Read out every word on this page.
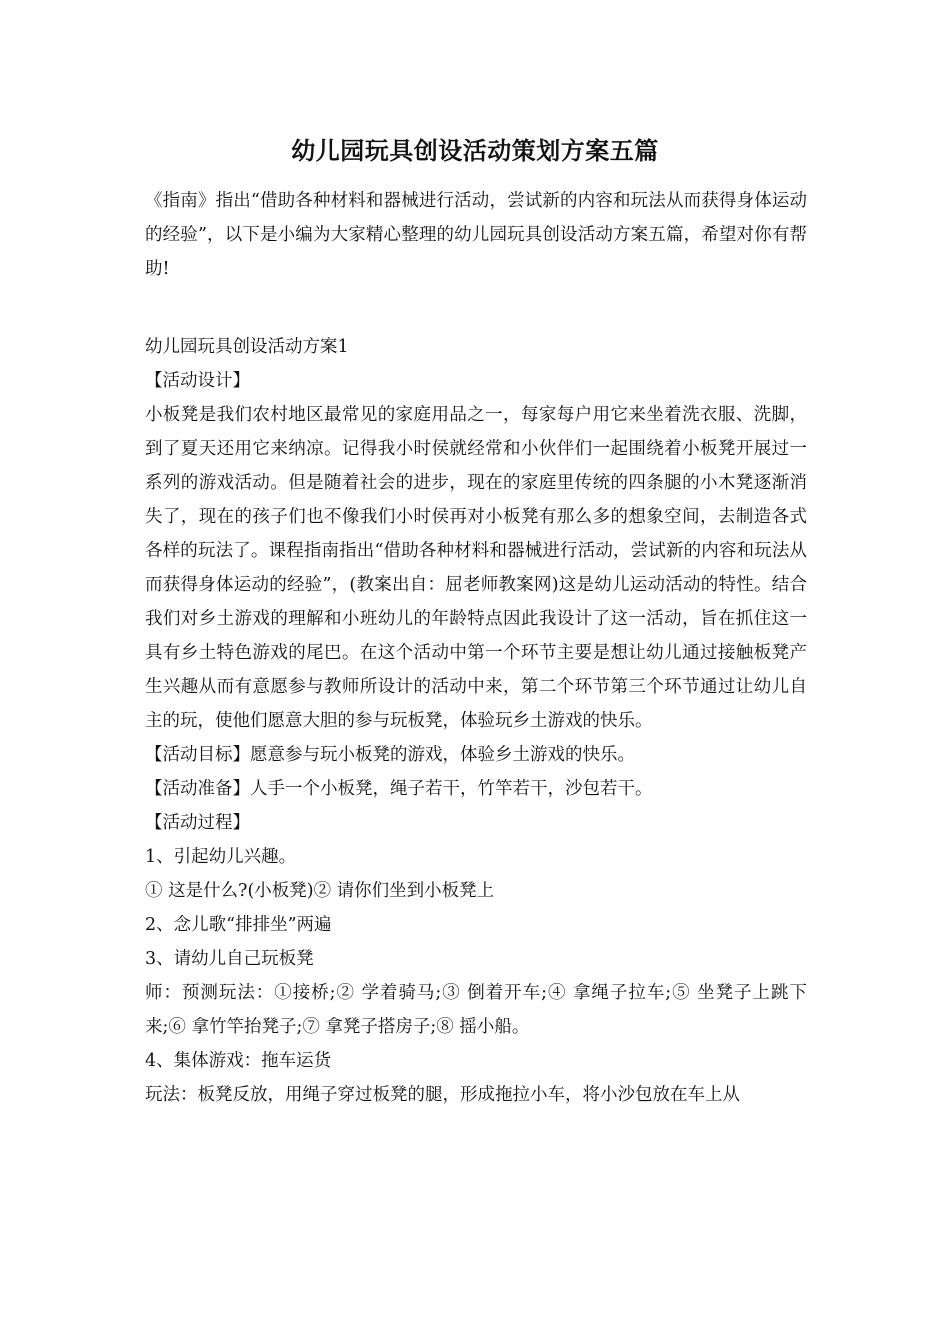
幼儿园玩具创设活动策划方案五篇

《指南》指出“借助各种材料和器械进行活动，尝试新的内容和玩法从而获得身体运动的经验”，以下是小编为大家精心整理的幼儿园玩具创设活动方案五篇，希望对你有帮助!

幼儿园玩具创设活动方案1

【活动设计】

小板凳是我们农村地区最常见的家庭用品之一，每家每户用它来坐着洗衣服、洗脚，到了夏天还用它来纳凉。记得我小时侯就经常和小伙伴们一起围绕着小板凳开展过一系列的游戏活动。但是随着社会的进步，现在的家庭里传统的四条腿的小木凳逐渐消失了，现在的孩子们也不像我们小时侯再对小板凳有那么多的想象空间，去制造各式各样的玩法了。课程指南指出“借助各种材料和器械进行活动，尝试新的内容和玩法从而获得身体运动的经验”，(教案出自：屈老师教案网)这是幼儿运动活动的特性。结合我们对乡土游戏的理解和小班幼儿的年龄特点因此我设计了这一活动，旨在抓住这一具有乡土特色游戏的尾巴。在这个活动中第一个环节主要是想让幼儿通过接触板凳产生兴趣从而有意愿参与教师所设计的活动中来，第二个环节第三个环节通过让幼儿自主的玩，使他们愿意大胆的参与玩板凳，体验玩乡土游戏的快乐。

【活动目标】愿意参与玩小板凳的游戏，体验乡土游戏的快乐。

【活动准备】人手一个小板凳，绳子若干，竹竿若干，沙包若干。

【活动过程】

1、引起幼儿兴趣。

① 这是什么?(小板凳)② 请你们坐到小板凳上

2、念儿歌“排排坐”两遍

3、请幼儿自己玩板凳

师：预测玩法：①接桥;② 学着骑马;③ 倒着开车;④ 拿绳子拉车;⑤ 坐凳子上跳下来;⑥ 拿竹竿抬凳子;⑦ 拿凳子搭房子;⑧ 摇小船。

4、集体游戏：拖车运货

玩法：板凳反放，用绳子穿过板凳的腿，形成拖拉小车，将小沙包放在车上从
